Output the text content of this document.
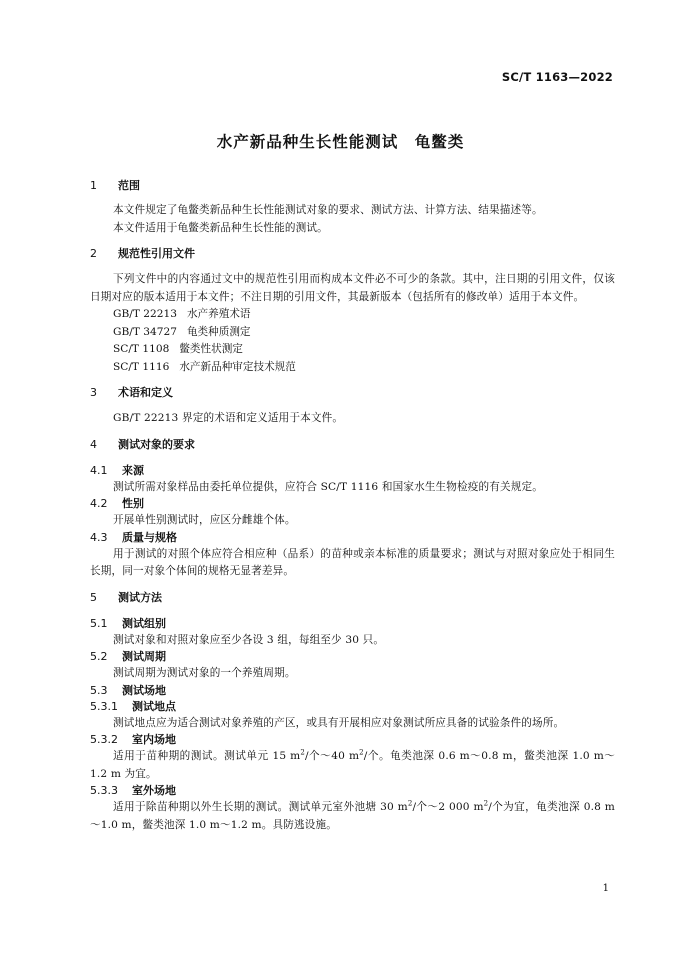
SC/T 1163—2022
水产新品种生长性能测试　龟鳖类
1 范围

本文件规定了龟鳖类新品种生长性能测试对象的要求、测试方法、计算方法、结果描述等。

本文件适用于龟鳖类新品种生长性能的测试。

2 规范性引用文件

下列文件中的内容通过文中的规范性引用而构成本文件必不可少的条款。其中，注日期的引用文件，仅该日期对应的版本适用于本文件；不注日期的引用文件，其最新版本（包括所有的修改单）适用于本文件。

GB/T 22213 水产养殖术语
GB/T 34727 龟类种质测定
SC/T 1108 鳖类性状测定
SC/T 1116 水产新品种审定技术规范
3 术语和定义

GB/T 22213 界定的术语和定义适用于本文件。

4 测试对象的要求
4.1 来源

测试所需对象样品由委托单位提供，应符合 SC/T 1116 和国家水生生物检疫的有关规定。

4.2 性别

开展单性别测试时，应区分雌雄个体。

4.3 质量与规格

用于测试的对照个体应符合相应种（品系）的苗种或亲本标准的质量要求；测试与对照对象应处于相同生长期，同一对象个体间的规格无显著差异。

5 测试方法
5.1 测试组别

测试对象和对照对象应至少各设 3 组，每组至少 30 只。

5.2 测试周期

测试周期为测试对象的一个养殖周期。

5.3 测试场地
5.3.1 测试地点

测试地点应为适合测试对象养殖的产区，或具有开展相应对象测试所应具备的试验条件的场所。

5.3.2 室内场地

适用于苗种期的测试。测试单元 15 $m^2/$个～40 $m^2/$个。龟类池深 0.6 m～0.8 m，鳖类池深 1.0 m～1.2 m 为宜。

5.3.3 室外场地

适用于除苗种期以外生长期的测试。测试单元室外池塘 30 $m^2/$个～2 000 $m^2/$个为宜，龟类池深 0.8 m～1.0 m，鳖类池深 1.0 m～1.2 m。具防逃设施。

1
